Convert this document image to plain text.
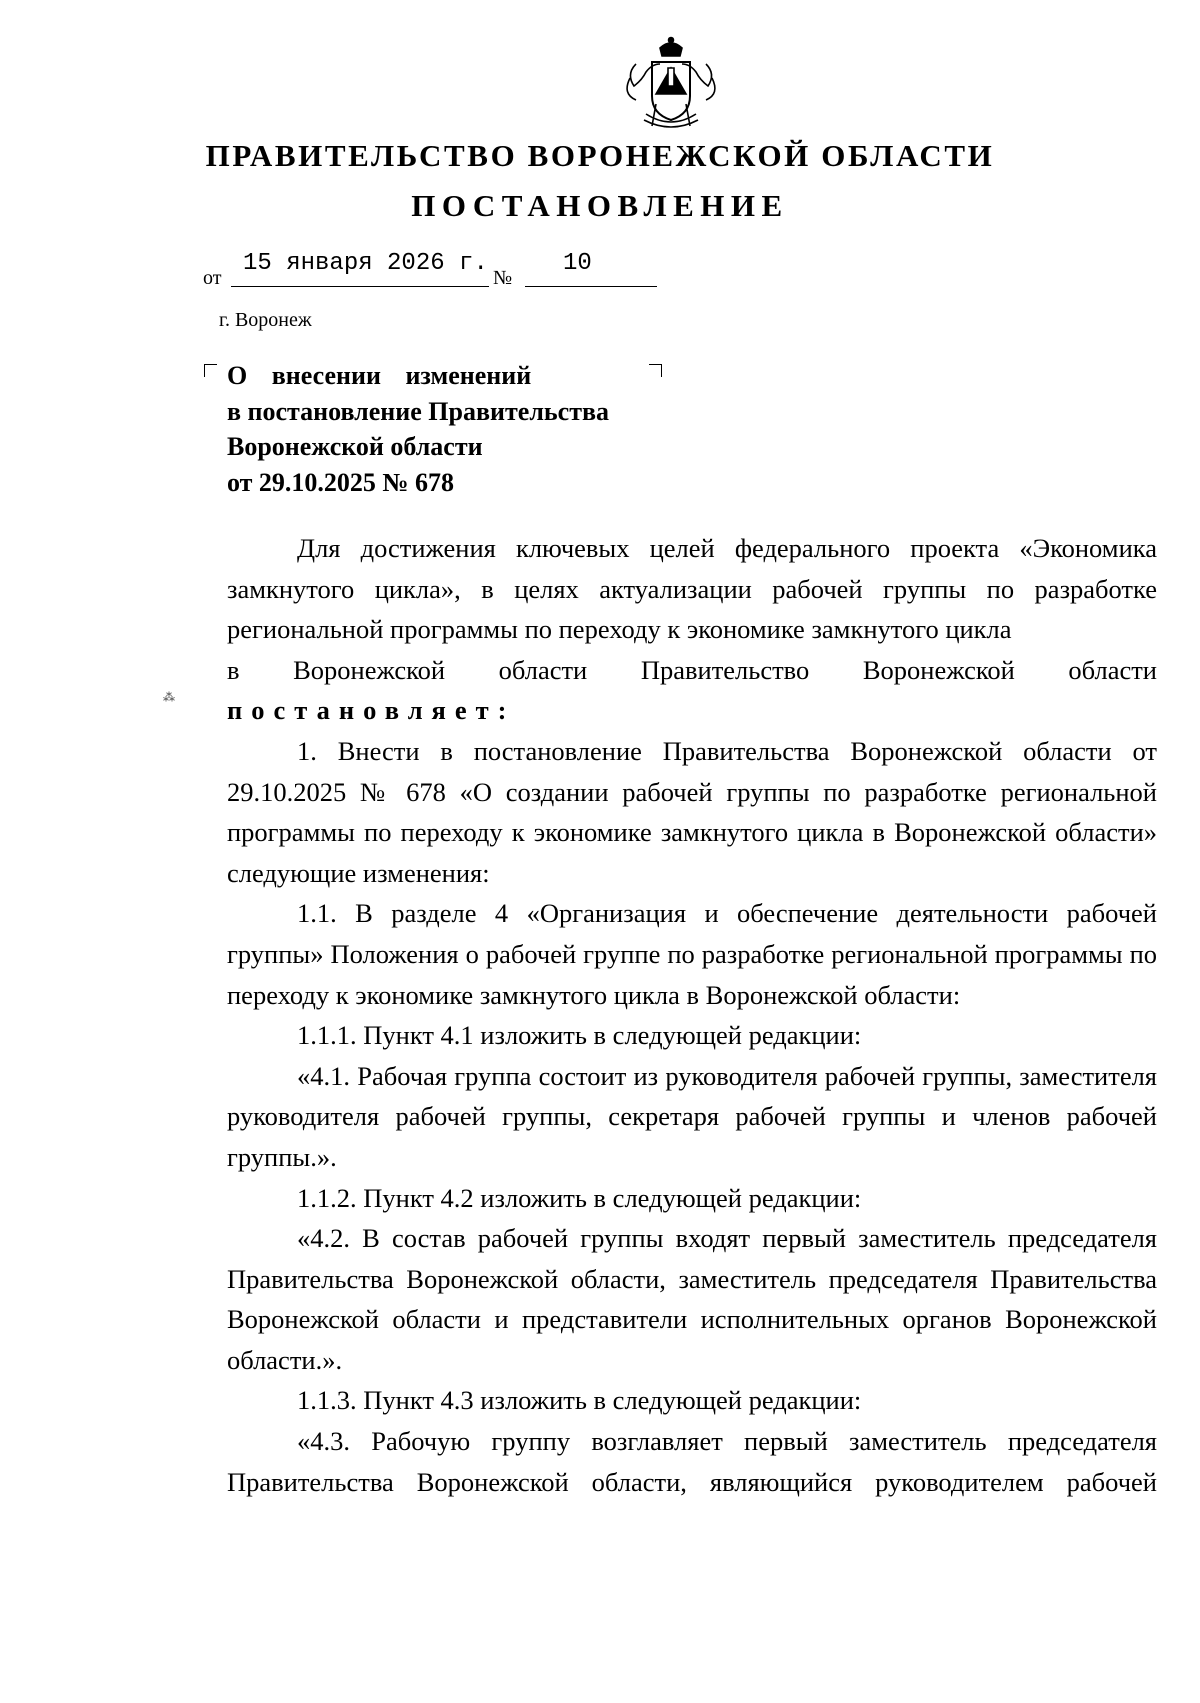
ПРАВИТЕЛЬСТВО ВОРОНЕЖСКОЙ ОБЛАСТИ
ПОСТАНОВЛЕНИЕ
от
15 января 2026 г.
№
10
г. Воронеж
О внесении изменений
в постановление Правительства
Воронежской области
от 29.10.2025 № 678
⁂

Для достижения ключевых целей федерального проекта «Экономика замкнутого цикла», в целях актуализации рабочей группы по разработке региональной программы по переходу к экономике замкнутого цикла

в Воронежской области Правительство Воронежской области

постановляет:

1. Внести в постановление Правительства Воронежской области от 29.10.2025 № 678 «О создании рабочей группы по разработке региональной программы по переходу к экономике замкнутого цикла в Воронежской области» следующие изменения:

1.1. В разделе 4 «Организация и обеспечение деятельности рабочей группы» Положения о рабочей группе по разработке региональной программы по переходу к экономике замкнутого цикла в Воронежской области:

1.1.1. Пункт 4.1 изложить в следующей редакции:

«4.1. Рабочая группа состоит из руководителя рабочей группы, заместителя руководителя рабочей группы, секретаря рабочей группы и членов рабочей группы.».

1.1.2. Пункт 4.2 изложить в следующей редакции:

«4.2. В состав рабочей группы входят первый заместитель председателя Правительства Воронежской области, заместитель председателя Правительства Воронежской области и представители исполнительных органов Воронежской области.».

1.1.3. Пункт 4.3 изложить в следующей редакции:

«4.3. Рабочую группу возглавляет первый заместитель председателя Правительства Воронежской области, являющийся руководителем рабочей
